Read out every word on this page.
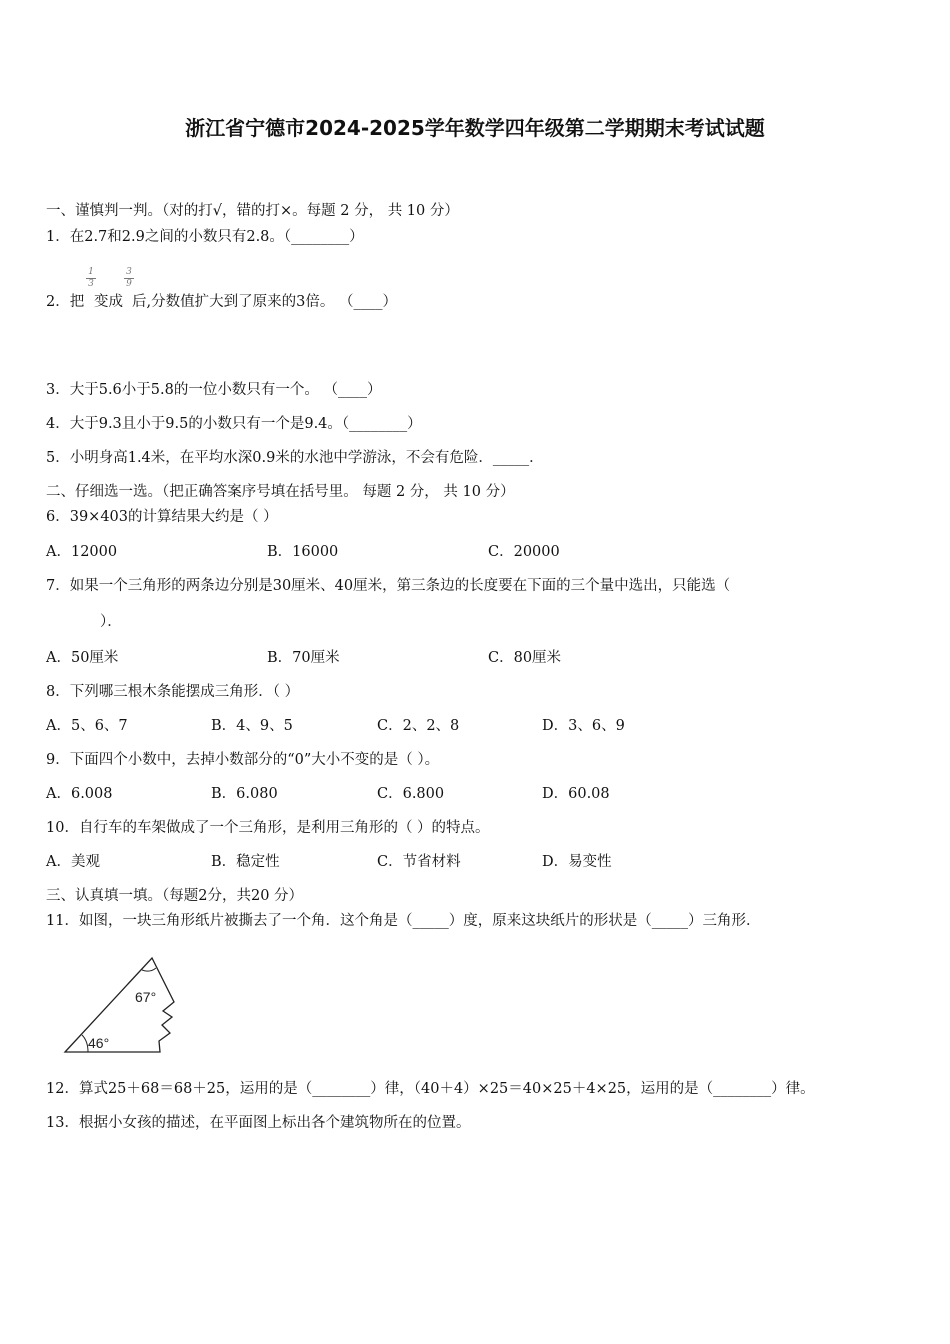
浙江省宁德市2024-2025学年数学四年级第二学期期末考试试题
一、谨慎判一判。（对的打√，错的打×。每题 2 分， 共 10 分）
1．在2.7和2.9之间的小数只有2.8。（________）
2．把
1
3
变成
3
9
后,分数值扩大到了原来的3倍。 （____）
3．大于5.6小于5.8的一位小数只有一个。 （____）
4．大于9.3且小于9.5的小数只有一个是9.4。（________）
5．小明身高1.4米，在平均水深0.9米的水池中学游泳，不会有危险．_____．
二、仔细选一选。（把正确答案序号填在括号里。 每题 2 分， 共 10 分）
6．39×403的计算结果大约是（ ）
A．12000	B．16000	C．20000
7．如果一个三角形的两条边分别是30厘米、40厘米，第三条边的长度要在下面的三个量中选出，只能选（
）．
A．50厘米	B．70厘米	C．80厘米
8．下列哪三根木条能摆成三角形．（ ）
A．5、6、7	B．4、9、5	C．2、2、8	D．3、6、9
9．下面四个小数中，去掉小数部分的“0”大小不变的是（ ）。
A．6.008	B．6.080	C．6.800	D．60.08
10．自行车的车架做成了一个三角形，是利用三角形的（ ）的特点。
A．美观	B．稳定性	C．节省材料	D．易变性
三、认真填一填。（每题2分，共20 分）
11．如图，一块三角形纸片被撕去了一个角．这个角是（_____）度，原来这块纸片的形状是（_____）三角形．
67°
46°
12．算式25＋68＝68＋25，运用的是（________）律，（40＋4）×25＝40×25＋4×25，运用的是（________）律。
13．根据小女孩的描述，在平面图上标出各个建筑物所在的位置。
